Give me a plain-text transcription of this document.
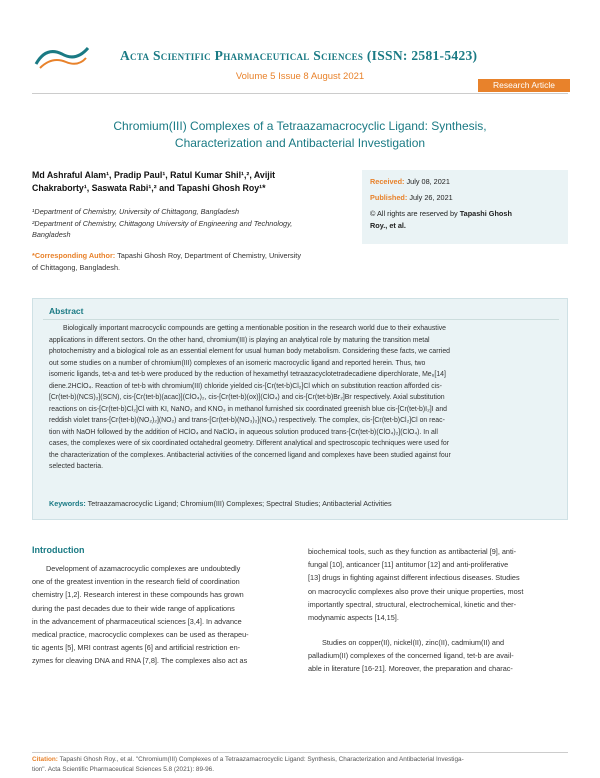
Acta Scientific Pharmaceutical Sciences (ISSN: 2581-5423)
Volume 5 Issue 8 August 2021
Research Article
Chromium(III) Complexes of a Tetraazamacrocyclic Ligand: Synthesis,
Characterization and Antibacterial Investigation
Md Ashraful Alam¹, Pradip Paul¹, Ratul Kumar Shil¹,², Avijit
Chakraborty¹, Saswata Rabi¹,² and Tapashi Ghosh Roy¹*
¹Department of Chemistry, University of Chittagong, Bangladesh
²Department of Chemistry, Chittagong University of Engineering and Technology,
Bangladesh
*Corresponding Author: Tapashi Ghosh Roy, Department of Chemistry, University
of Chittagong, Bangladesh.

Received: July 08, 2021

Published: July 26, 2021

© All rights are reserved by Tapashi Ghosh

Roy., et al.

Abstract
Biologically important macrocyclic compounds are getting a mentionable position in the research world due to their exhaustive
applications in different sectors. On the other hand, chromium(III) is playing an analytical role by maturing the transition metal
photochemistry and a biological role as an essential element for usual human body metabolism. Considering these facts, we carried
out some studies on a number of chromium(III) complexes of an isomeric macrocyclic ligand and reported herein. Thus, two
isomeric ligands, tet-a and tet-b were produced by the reduction of hexamethyl tetraazacyclotetradecadiene diperchlorate, Me₆[14]
diene.2HClO₄. Reaction of tet-b with chromium(III) chloride yielded cis-[Cr(tet-b)Cl₂]Cl which on substitution reaction afforded cis-
[Cr(tet-b)(NCS)₂](SCN), cis-[Cr(tet-b)(acac)](ClO₄)₂, cis-[Cr(tet-b)(ox)](ClO₄) and cis-[Cr(tet-b)Br₂]Br respectively. Axial substitution
reactions on cis-[Cr(tet-b)Cl₂]Cl with KI, NaNO₂ and KNO₃ in methanol furnished six coordinated greenish blue cis-[Cr(tet-b)I₂]I and
reddish violet trans-[Cr(tet-b)(NO₂)₂](NO₂) and trans-[Cr(tet-b)(NO₃)₂](NO₃) respectively. The complex, cis-[Cr(tet-b)Cl₂]Cl on reac-
tion with NaOH followed by the addition of HClO₄ and NaClO₄ in aqueous solution produced trans-[Cr(tet-b)(ClO₄)₂](ClO₄). In all
cases, the complexes were of six coordinated octahedral geometry. Different analytical and spectroscopic techniques were used for
the characterization of the complexes. Antibacterial activities of the concerned ligand and complexes have been studied against four
selected bacteria.
Keywords: Tetraazamacrocyclic Ligand; Chromium(III) Complexes; Spectral Studies; Antibacterial Activities
Introduction
Development of azamacrocyclic complexes are undoubtedly
one of the greatest invention in the research field of coordination
chemistry [1,2]. Research interest in these compounds has grown
during the past decades due to their wide range of applications
in the advancement of pharmaceutical sciences [3,4]. In advance
medical practice, macrocyclic complexes can be used as therapeu-
tic agents [5], MRI contrast agents [6] and artificial restriction en-
zymes for cleaving DNA and RNA [7,8]. The complexes also act as
biochemical tools, such as they function as antibacterial [9], anti-
fungal [10], anticancer [11] antitumor [12] and anti-proliferative
[13] drugs in fighting against different infectious diseases. Studies
on macrocyclic complexes also prove their unique properties, most
importantly spectral, structural, electrochemical, kinetic and ther-
modynamic aspects [14,15].
Studies on copper(II), nickel(II), zinc(II), cadmium(II) and
palladium(II) complexes of the concerned ligand, tet-b are avail-
able in literature [16-21]. Moreover, the preparation and charac-
Citation: Tapashi Ghosh Roy., et al. "Chromium(III) Complexes of a Tetraazamacrocyclic Ligand: Synthesis, Characterization and Antibacterial Investiga-
tion". Acta Scientific Pharmaceutical Sciences 5.8 (2021): 89-96.
